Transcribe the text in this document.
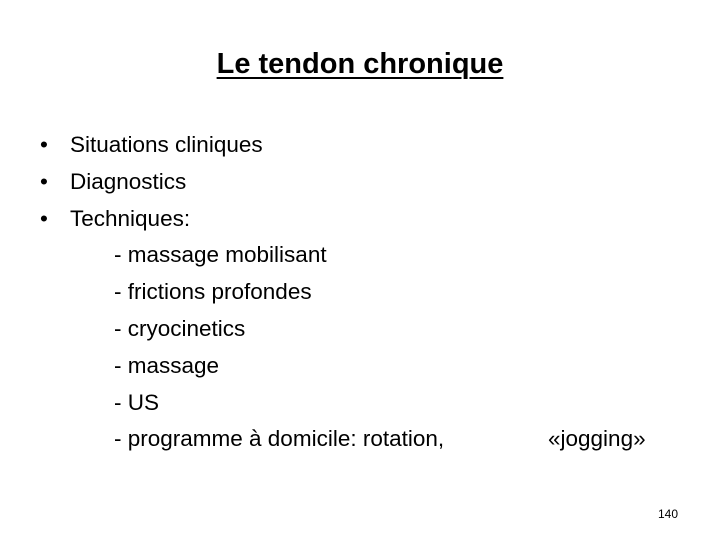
Le tendon chronique
• Situations cliniques
• Diagnostics
• Techniques:
- massage mobilisant
- frictions profondes
- cryocinetics
- massage
- US
- programme à domicile: rotation,	«jogging»
140
